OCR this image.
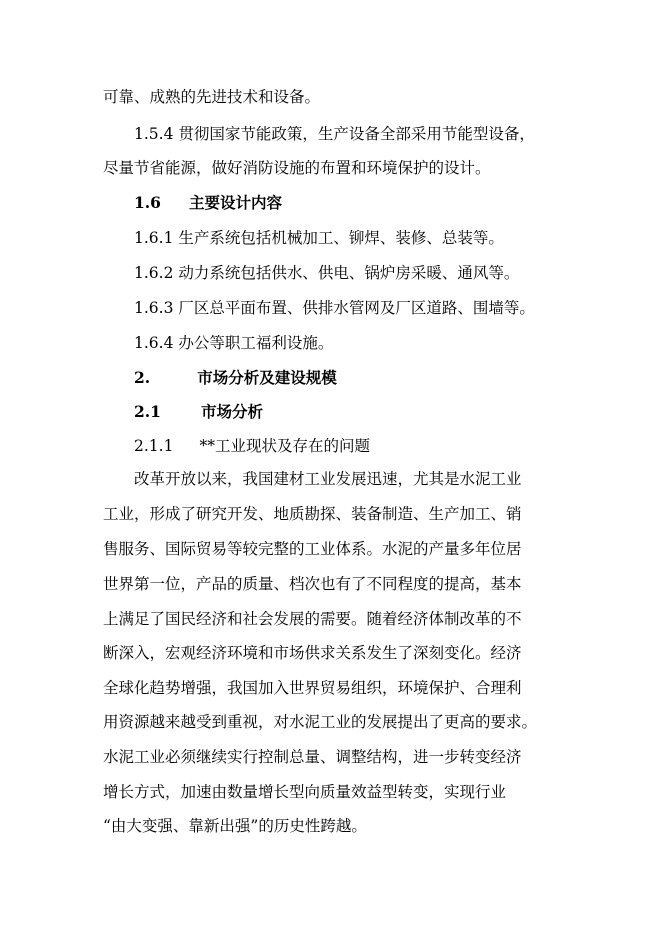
可靠、成熟的先进技术和设备。
1.5.4 贯彻国家节能政策，生产设备全部采用节能型设备，
尽量节省能源，做好消防设施的布置和环境保护的设计。
1.6 主要设计内容
1.6.1 生产系统包括机械加工、铆焊、装修、总装等。
1.6.2 动力系统包括供水、供电、锅炉房采暖、通风等。
1.6.3 厂区总平面布置、供排水管网及厂区道路、围墙等。
1.6.4 办公等职工福利设施。
2.	市场分析及建设规模
2.1	市场分析
2.1.1 **工业现状及存在的问题
改革开放以来，我国建材工业发展迅速，尤其是水泥工业
工业，形成了研究开发、地质勘探、装备制造、生产加工、销
售服务、国际贸易等较完整的工业体系。水泥的产量多年位居
世界第一位，产品的质量、档次也有了不同程度的提高，基本
上满足了国民经济和社会发展的需要。随着经济体制改革的不
断深入，宏观经济环境和市场供求关系发生了深刻变化。经济
全球化趋势增强，我国加入世界贸易组织，环境保护、合理利
用资源越来越受到重视，对水泥工业的发展提出了更高的要求。
水泥工业必须继续实行控制总量、调整结构，进一步转变经济
增长方式，加速由数量增长型向质量效益型转变，实现行业
“由大变强、靠新出强”的历史性跨越。
